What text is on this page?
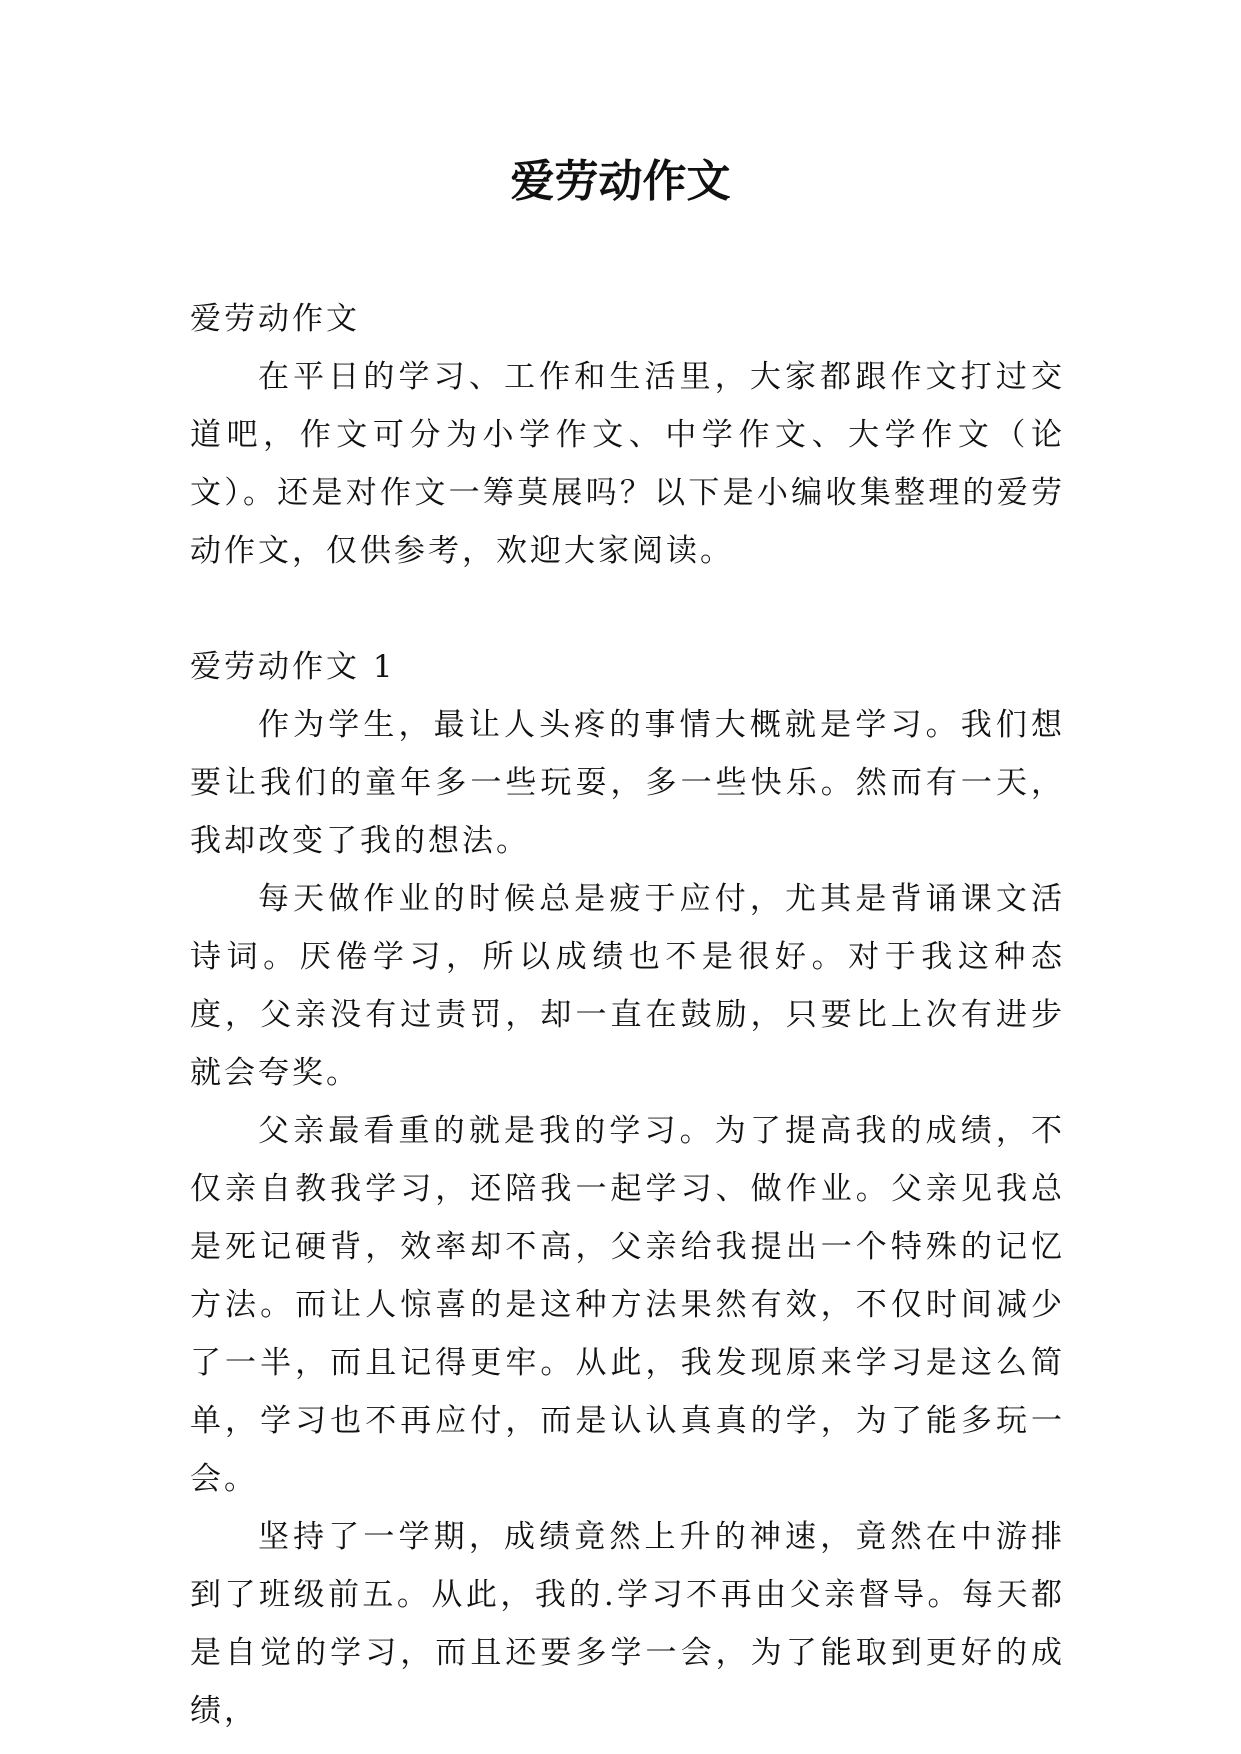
爱劳动作文

爱劳动作文

在平日的学习、工作和生活里，大家都跟作文打过交道吧，作文可分为小学作文、中学作文、大学作文（论文）。还是对作文一筹莫展吗？以下是小编收集整理的爱劳动作文，仅供参考，欢迎大家阅读。

爱劳动作文 1

作为学生，最让人头疼的事情大概就是学习。我们想要让我们的童年多一些玩耍，多一些快乐。然而有一天，我却改变了我的想法。

每天做作业的时候总是疲于应付，尤其是背诵课文活诗词。厌倦学习，所以成绩也不是很好。对于我这种态度，父亲没有过责罚，却一直在鼓励，只要比上次有进步就会夸奖。

父亲最看重的就是我的学习。为了提高我的成绩，不仅亲自教我学习，还陪我一起学习、做作业。父亲见我总是死记硬背，效率却不高，父亲给我提出一个特殊的记忆方法。而让人惊喜的是这种方法果然有效，不仅时间减少了一半，而且记得更牢。从此，我发现原来学习是这么简单，学习也不再应付，而是认认真真的学，为了能多玩一会。

坚持了一学期，成绩竟然上升的神速，竟然在中游排到了班级前五。从此，我的.学习不再由父亲督导。每天都是自觉的学习，而且还要多学一会，为了能取到更好的成绩，
